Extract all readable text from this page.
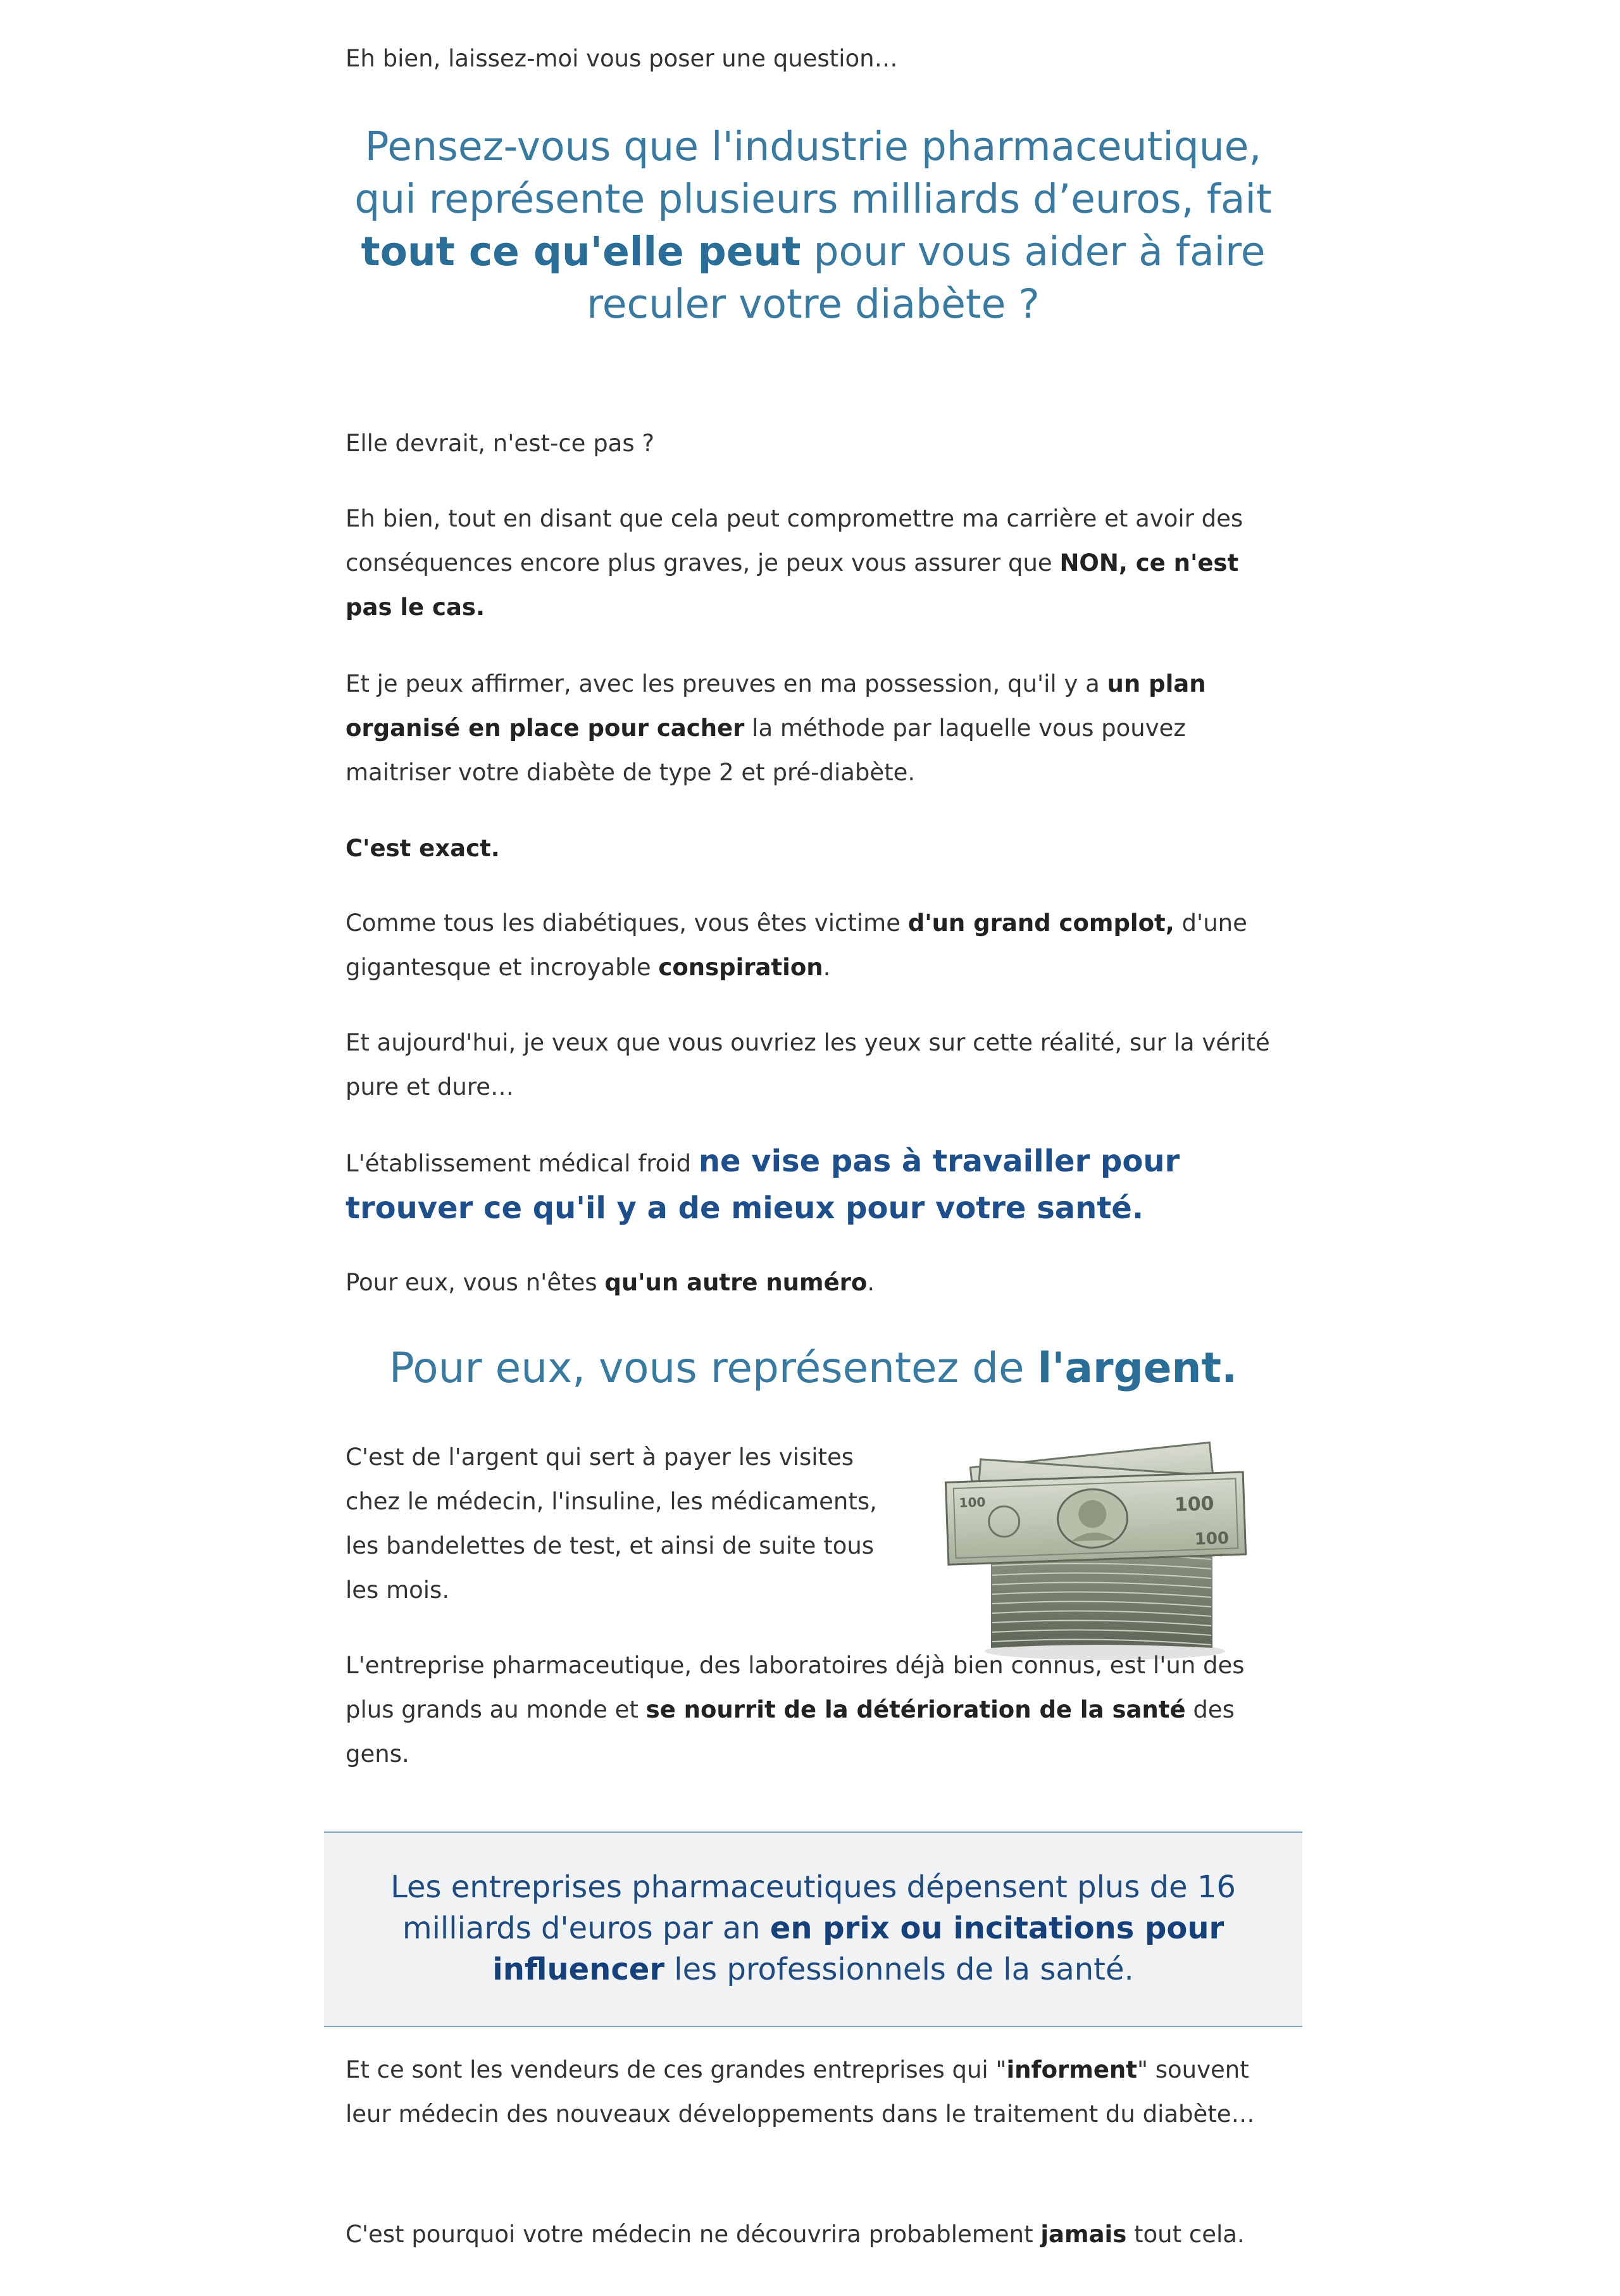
Eh bien, laissez-moi vous poser une question…

Pensez-vous que l'industrie pharmaceutique, qui représente plusieurs milliards d’euros, fait tout ce qu'elle peut pour vous aider à faire reculer votre diabète ?

Elle devrait, n'est-ce pas ?

Eh bien, tout en disant que cela peut compromettre ma carrière et avoir des conséquences encore plus graves, je peux vous assurer que NON, ce n'est pas le cas.

Et je peux affirmer, avec les preuves en ma possession, qu'il y a un plan organisé en place pour cacher la méthode par laquelle vous pouvez maitriser votre diabète de type 2 et pré-diabète.

C'est exact.

Comme tous les diabétiques, vous êtes victime d'un grand complot, d'une gigantesque et incroyable conspiration.

Et aujourd'hui, je veux que vous ouvriez les yeux sur cette réalité, sur la vérité pure et dure…

L'établissement médical froid ne vise pas à travailler pour trouver ce qu'il y a de mieux pour votre santé.

Pour eux, vous n'êtes qu'un autre numéro.

Pour eux, vous représentez de l'argent.
100
100
100

C'est de l'argent qui sert à payer les visites chez le médecin, l'insuline, les médicaments, les bandelettes de test, et ainsi de suite tous les mois.

L'entreprise pharmaceutique, des laboratoires déjà bien connus, est l'un des plus grands au monde et se nourrit de la détérioration de la santé des gens.

Les entreprises pharmaceutiques dépensent plus de 16 milliards d'euros par an en prix ou incitations pour influencer les professionnels de la santé.

Et ce sont les vendeurs de ces grandes entreprises qui "informent" souvent leur médecin des nouveaux développements dans le traitement du diabète…

C'est pourquoi votre médecin ne découvrira probablement jamais tout cela.
